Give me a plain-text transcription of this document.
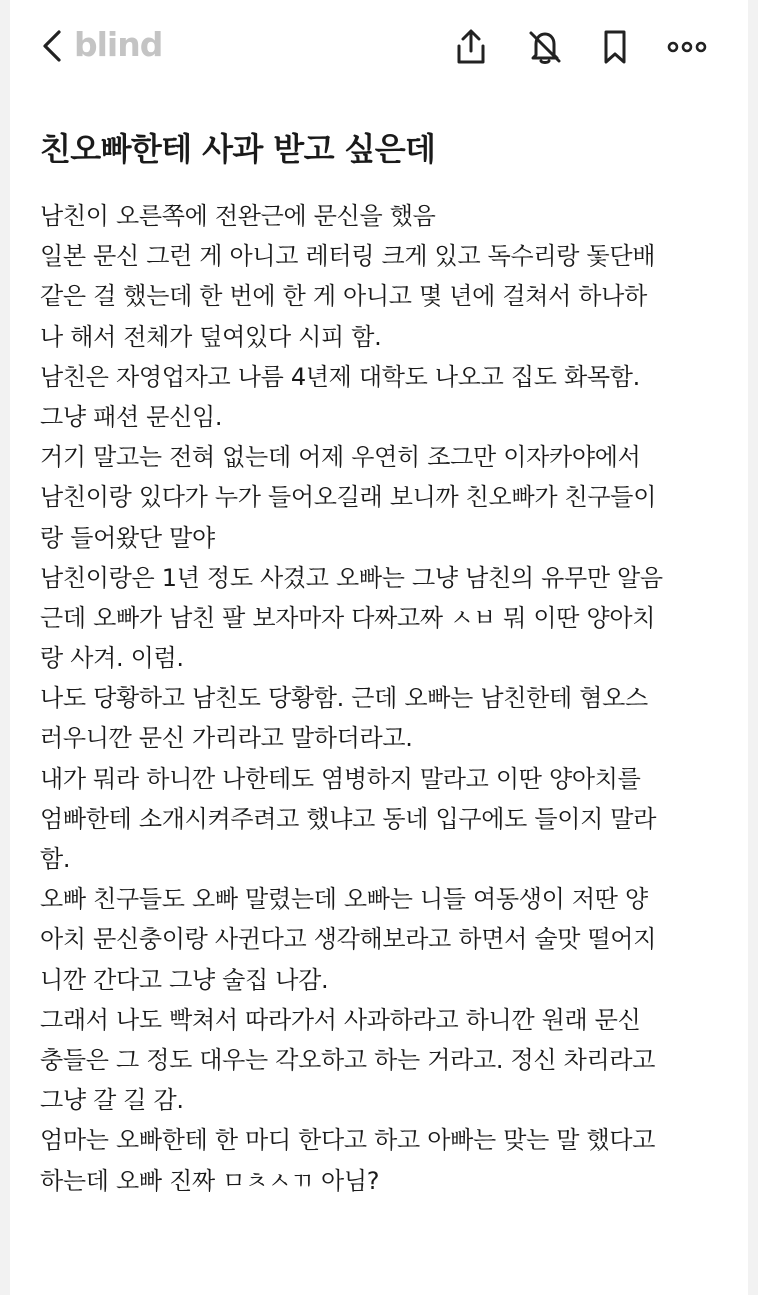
blind
친오빠한테 사과 받고 싶은데
남친이 오른쪽에 전완근에 문신을 했음
일본 문신 그런 게 아니고 레터링 크게 있고 독수리랑 돛단배
같은 걸 했는데 한 번에 한 게 아니고 몇 년에 걸쳐서 하나하
나 해서 전체가 덮여있다 시피 함.
남친은 자영업자고 나름 4년제 대학도 나오고 집도 화목함.
그냥 패션 문신임.
거기 말고는 전혀 없는데 어제 우연히 조그만 이자카야에서
남친이랑 있다가 누가 들어오길래 보니까 친오빠가 친구들이
랑 들어왔단 말야
남친이랑은 1년 정도 사겼고 오빠는 그냥 남친의 유무만 알음
근데 오빠가 남친 팔 보자마자 다짜고짜 ㅅㅂ 뭐 이딴 양아치
랑 사겨. 이럼.
나도 당황하고 남친도 당황함. 근데 오빠는 남친한테 혐오스
러우니깐 문신 가리라고 말하더라고.
내가 뭐라 하니깐 나한테도 염병하지 말라고 이딴 양아치를
엄빠한테 소개시켜주려고 했냐고 동네 입구에도 들이지 말라
함.
오빠 친구들도 오빠 말렸는데 오빠는 니들 여동생이 저딴 양
아치 문신충이랑 사귄다고 생각해보라고 하면서 술맛 떨어지
니깐 간다고 그냥 술집 나감.
그래서 나도 빡쳐서 따라가서 사과하라고 하니깐 원래 문신
충들은 그 정도 대우는 각오하고 하는 거라고. 정신 차리라고
그냥 갈 길 감.
엄마는 오빠한테 한 마디 한다고 하고 아빠는 맞는 말 했다고
하는데 오빠 진짜 ㅁㅊㅅㄲ 아님?
